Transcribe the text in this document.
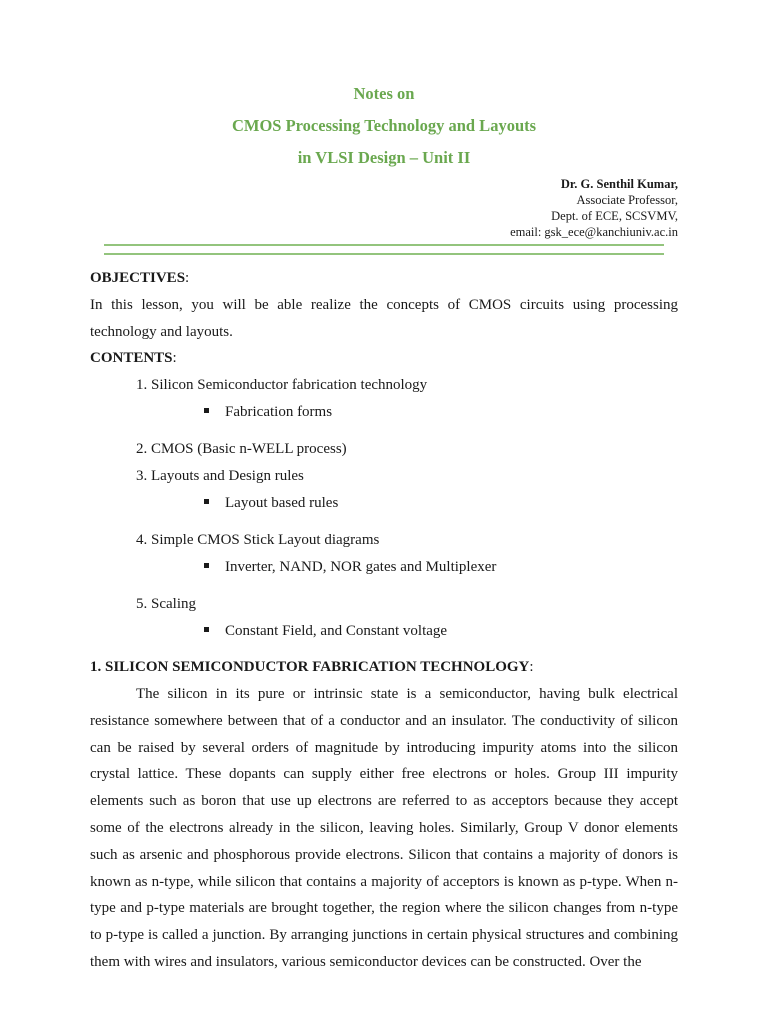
Notes on
CMOS Processing Technology and Layouts
in VLSI Design – Unit II
Dr. G. Senthil Kumar,
Associate Professor,
Dept. of ECE, SCSVMV,
email: gsk_ece@kanchiuniv.ac.in
OBJECTIVES:
In this lesson, you will be able realize the concepts of CMOS circuits using processing technology and layouts.
CONTENTS:
1. Silicon Semiconductor fabrication technology
Fabrication forms
2. CMOS (Basic n-WELL process)
3. Layouts and Design rules
Layout based rules
4. Simple CMOS Stick Layout diagrams
Inverter, NAND, NOR gates and Multiplexer
5. Scaling
Constant Field, and Constant voltage
1. SILICON SEMICONDUCTOR FABRICATION TECHNOLOGY:
The silicon in its pure or intrinsic state is a semiconductor, having bulk electrical resistance somewhere between that of a conductor and an insulator. The conductivity of silicon can be raised by several orders of magnitude by introducing impurity atoms into the silicon crystal lattice. These dopants can supply either free electrons or holes. Group III impurity elements such as boron that use up electrons are referred to as acceptors because they accept some of the electrons already in the silicon, leaving holes. Similarly, Group V donor elements such as arsenic and phosphorous provide electrons. Silicon that contains a majority of donors is known as n-type, while silicon that contains a majority of acceptors is known as p-type. When n-type and p-type materials are brought together, the region where the silicon changes from n-type to p-type is called a junction. By arranging junctions in certain physical structures and combining them with wires and insulators, various semiconductor devices can be constructed. Over the
